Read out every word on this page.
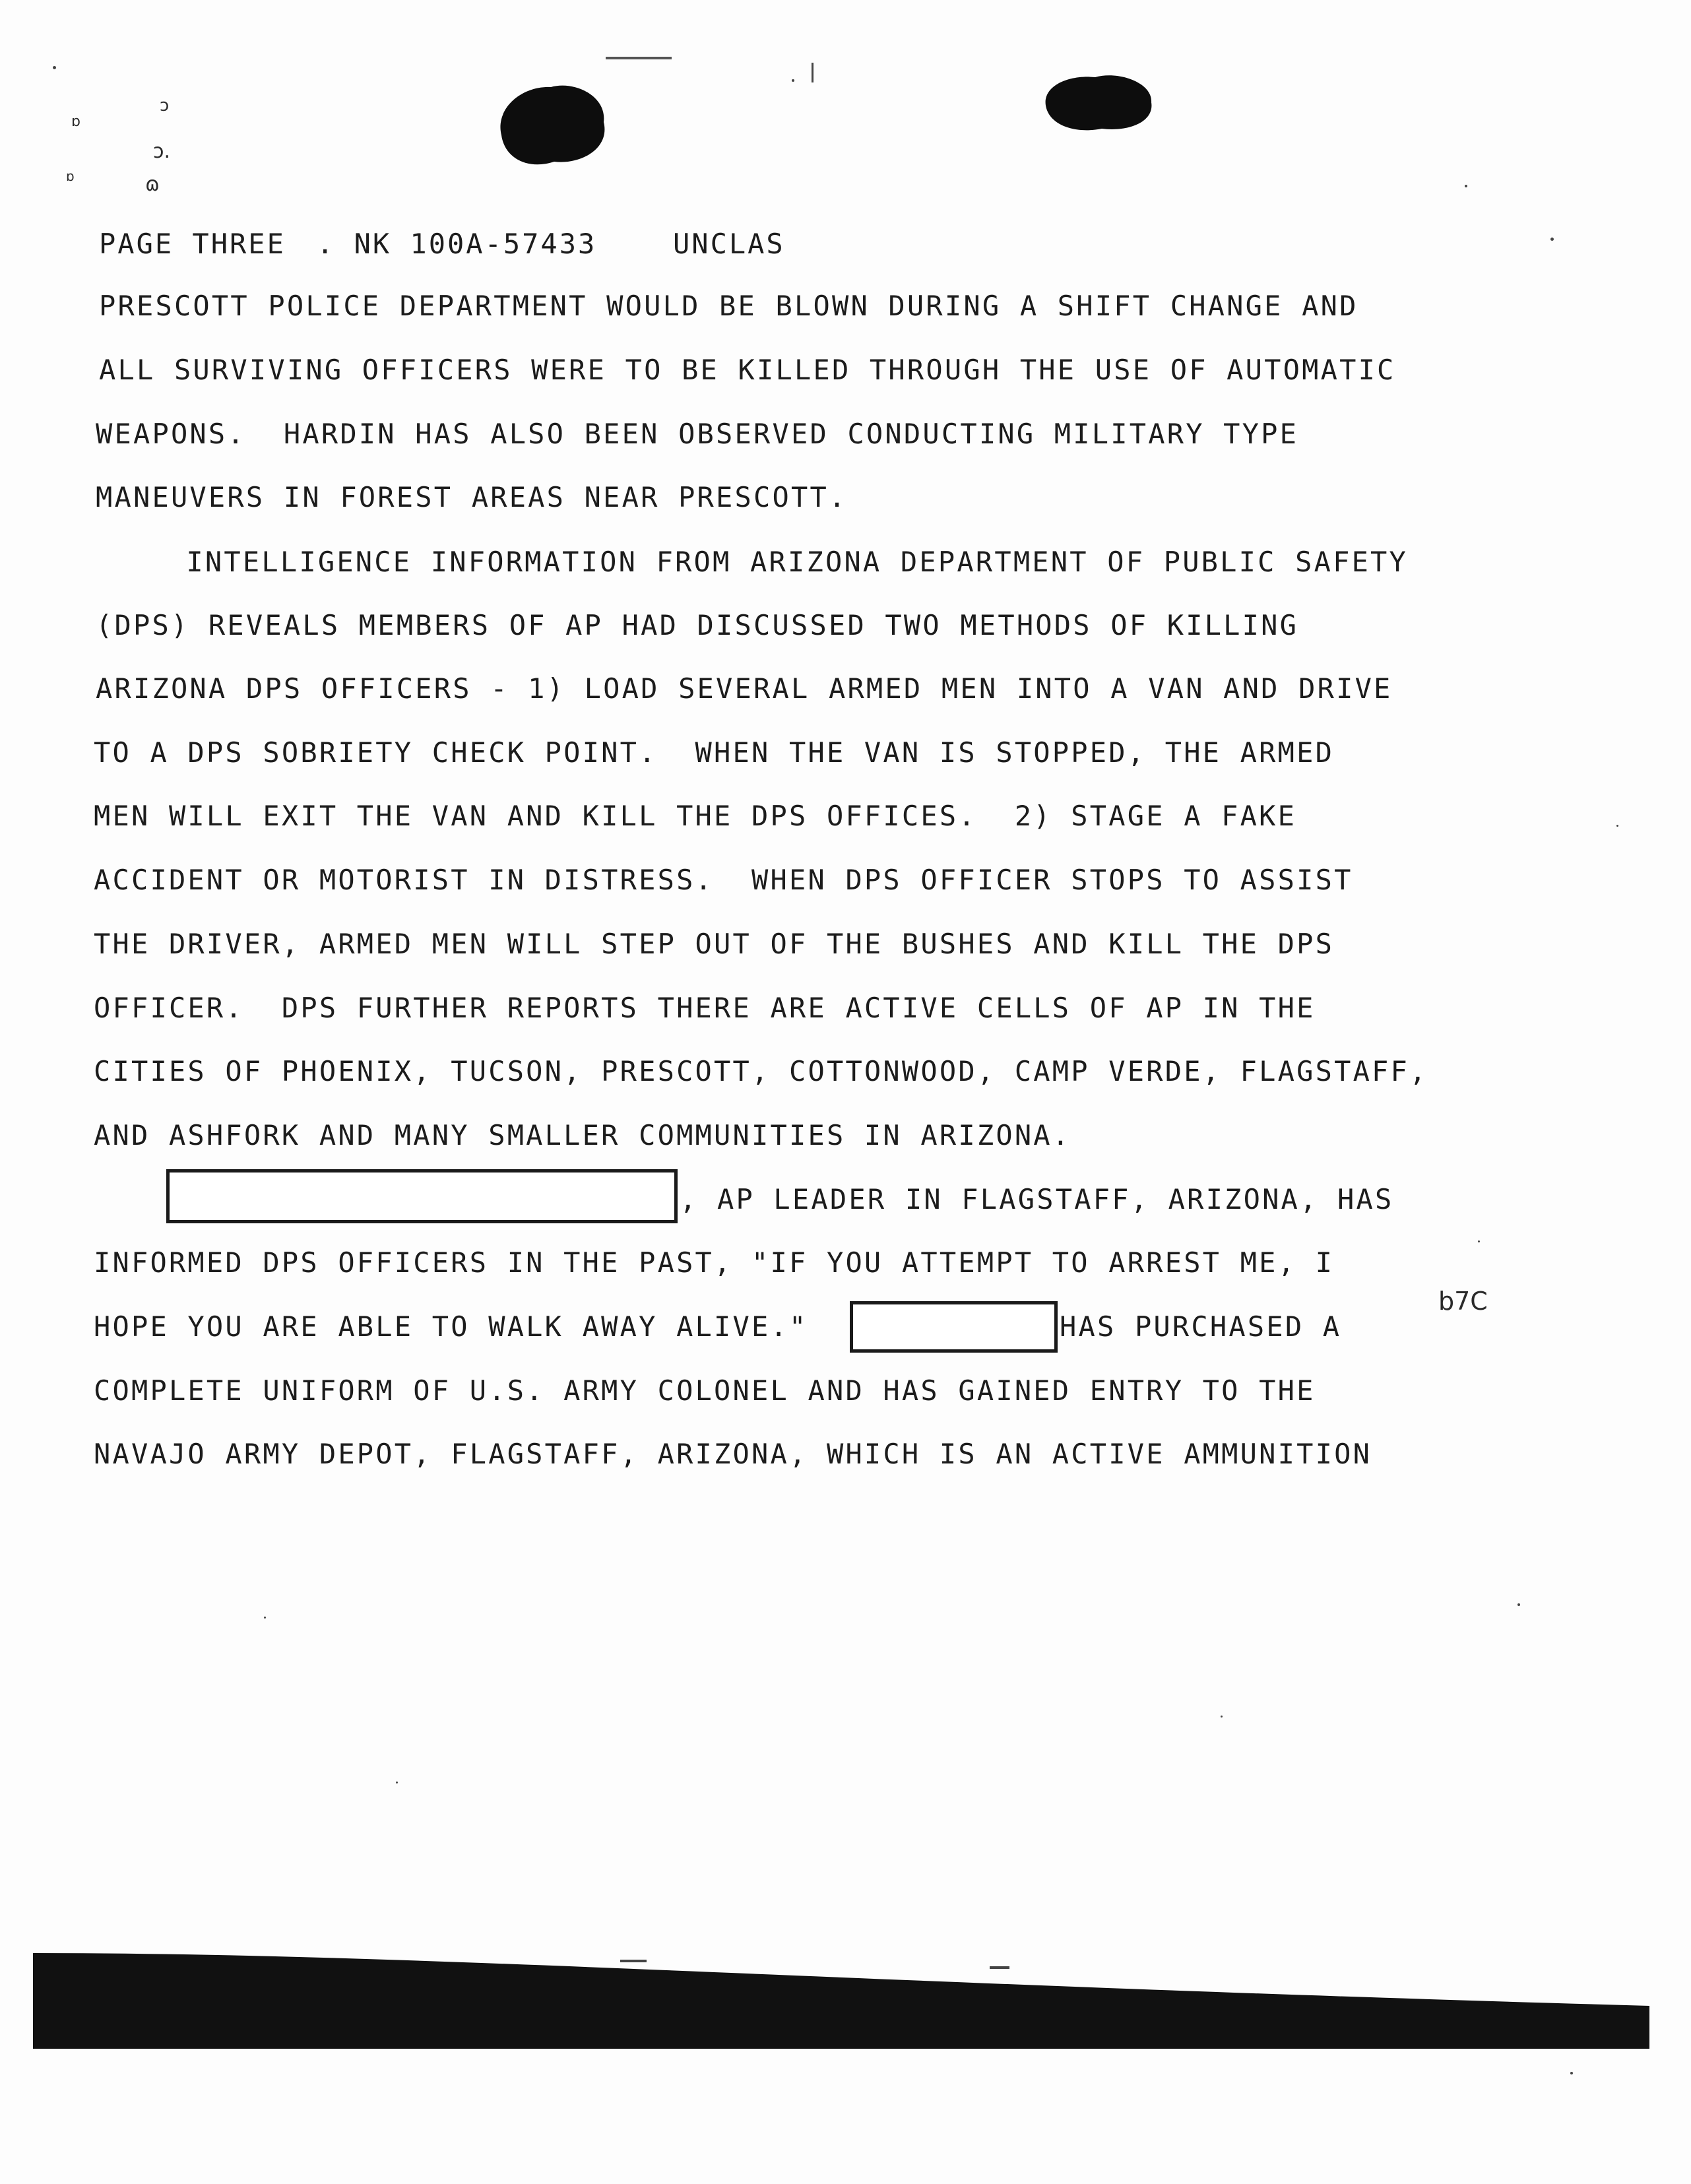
ɔ
ɔ.
ɷ
ɒ
ɒ
PAGE THREE . NK 100A-57433	UNCLAS
PRESCOTT POLICE DEPARTMENT WOULD BE BLOWN DURING A SHIFT CHANGE AND
ALL SURVIVING OFFICERS WERE TO BE KILLED THROUGH THE USE OF AUTOMATIC
WEAPONS.  HARDIN HAS ALSO BEEN OBSERVED CONDUCTING MILITARY TYPE
MANEUVERS IN FOREST AREAS NEAR PRESCOTT.
INTELLIGENCE INFORMATION FROM ARIZONA DEPARTMENT OF PUBLIC SAFETY
(DPS) REVEALS MEMBERS OF AP HAD DISCUSSED TWO METHODS OF KILLING
ARIZONA DPS OFFICERS - 1) LOAD SEVERAL ARMED MEN INTO A VAN AND DRIVE
TO A DPS SOBRIETY CHECK POINT.  WHEN THE VAN IS STOPPED, THE ARMED
MEN WILL EXIT THE VAN AND KILL THE DPS OFFICES.  2) STAGE A FAKE
ACCIDENT OR MOTORIST IN DISTRESS.  WHEN DPS OFFICER STOPS TO ASSIST
THE DRIVER, ARMED MEN WILL STEP OUT OF THE BUSHES AND KILL THE DPS
OFFICER.  DPS FURTHER REPORTS THERE ARE ACTIVE CELLS OF AP IN THE
CITIES OF PHOENIX, TUCSON, PRESCOTT, COTTONWOOD, CAMP VERDE, FLAGSTAFF,
AND ASHFORK AND MANY SMALLER COMMUNITIES IN ARIZONA.
, AP LEADER IN FLAGSTAFF, ARIZONA, HAS
INFORMED DPS OFFICERS IN THE PAST, "IF YOU ATTEMPT TO ARREST ME, I
HOPE YOU ARE ABLE TO WALK AWAY ALIVE."	HAS PURCHASED A
b7C
COMPLETE UNIFORM OF U.S. ARMY COLONEL AND HAS GAINED ENTRY TO THE
NAVAJO ARMY DEPOT, FLAGSTAFF, ARIZONA, WHICH IS AN ACTIVE AMMUNITION
